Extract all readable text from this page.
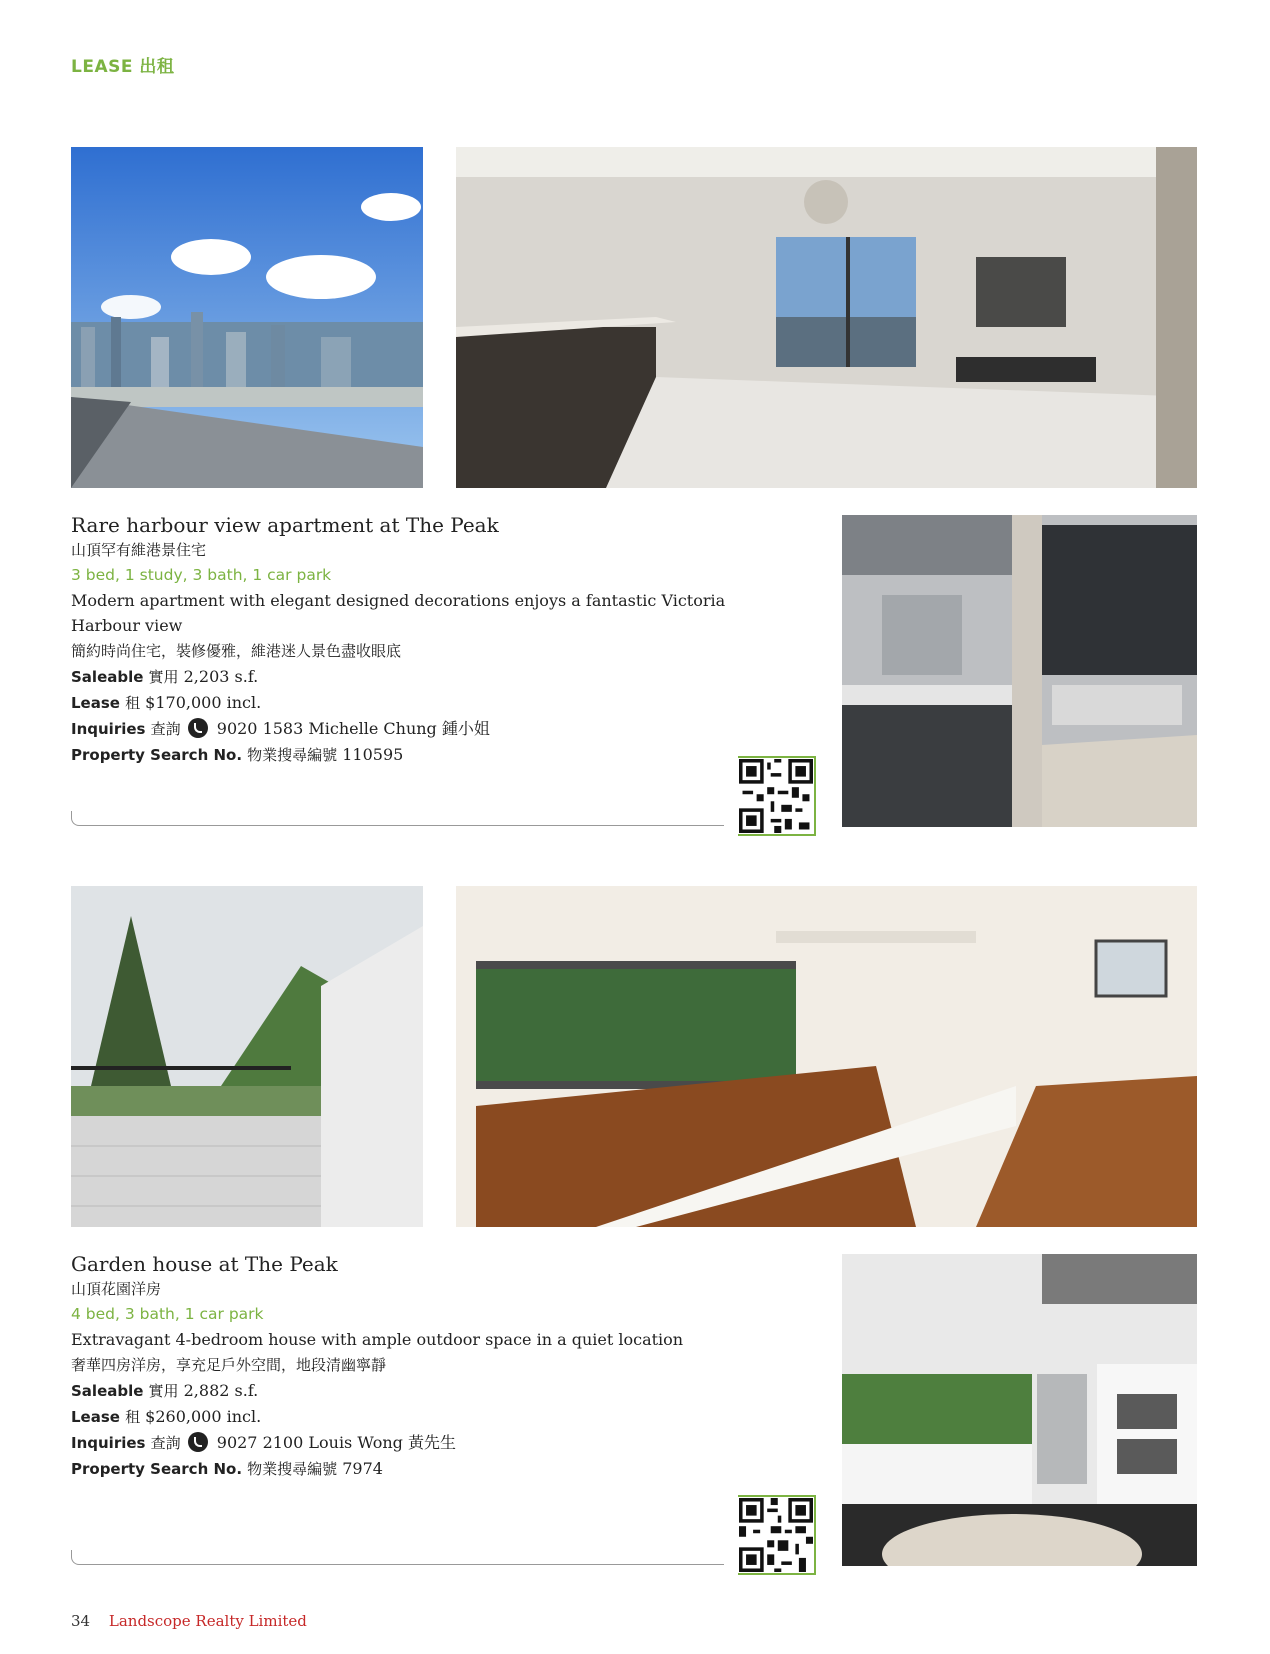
LEASE 出租
Rare harbour view apartment at The Peak
山頂罕有維港景住宅
3 bed, 1 study, 3 bath, 1 car park
Modern apartment with elegant designed decorations enjoys a fantastic Victoria Harbour view
簡約時尚住宅，裝修優雅，維港迷人景色盡收眼底
Saleable 實用 2,203 s.f.
Lease 租 $170,000 incl.
Inquiries 查詢 9020 1583 Michelle Chung 鍾小姐
Property Search No. 物業搜尋編號 110595
Garden house at The Peak
山頂花園洋房
4 bed, 3 bath, 1 car park
Extravagant 4-bedroom house with ample outdoor space in a quiet location
奢華四房洋房，享充足戶外空間，地段清幽寧靜
Saleable 實用 2,882 s.f.
Lease 租 $260,000 incl.
Inquiries 查詢 9027 2100 Louis Wong 黃先生
Property Search No. 物業搜尋編號 7974
34 Landscope Realty Limited
